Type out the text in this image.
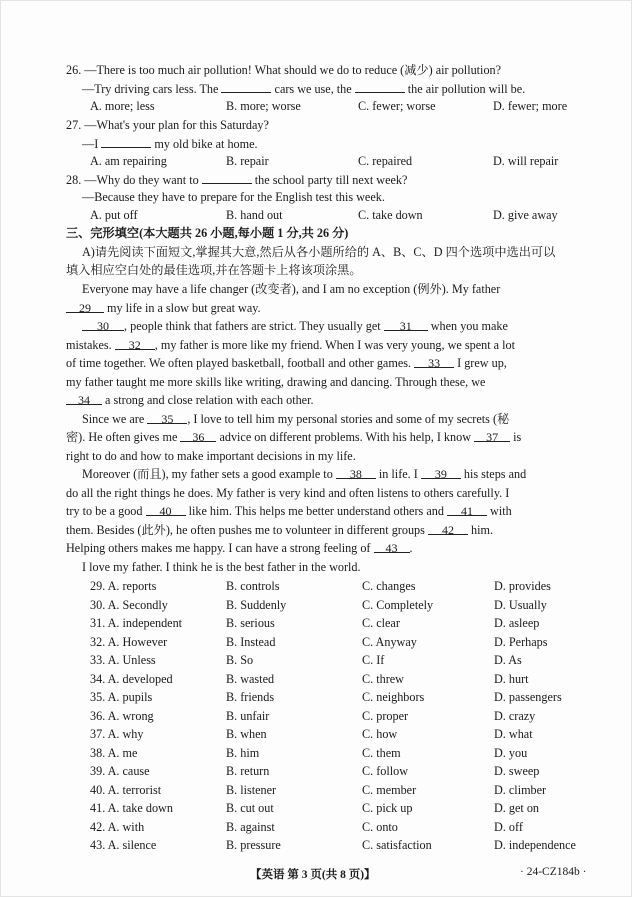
26. —There is too much air pollution! What should we do to reduce (减少) air pollution?
—Try driving cars less. The	cars we use, the	the air pollution will be.
A. more; less	B. more; worse	C. fewer; worse	D. fewer; more
27. —What's your plan for this Saturday?
—I	my old bike at home.
A. am repairing	B. repair	C. repaired	D. will repair
28. —Why do they want to	the school party till next week?
—Because they have to prepare for the English test this week.
A. put off	B. hand out	C. take down	D. give away
三、完形填空(本大题共 26 小题,每小题 1 分,共 26 分)
A)请先阅读下面短文,掌握其大意,然后从各小题所给的 A、B、C、D 四个选项中选出可以
填入相应空白处的最佳选项,并在答题卡上将该项涂黑。
Everyone may have a life changer (改变者), and I am no exception (例外). My father
29 my life in a slow but great way.
30 , people think that fathers are strict. They usually get 31 when you make
mistakes. 32 , my father is more like my friend. When I was very young, we spent a lot
of time together. We often played basketball, football and other games. 33 I grew up,
my father taught me more skills like writing, drawing and dancing. Through these, we
34 a strong and close relation with each other.
Since we are 35 , I love to tell him my personal stories and some of my secrets (秘
密). He often gives me 36 advice on different problems. With his help, I know 37 is
right to do and how to make important decisions in my life.
Moreover (而且), my father sets a good example to 38 in life. I 39 his steps and
do all the right things he does. My father is very kind and often listens to others carefully. I
try to be a good 40 like him. This helps me better understand others and 41 with
them. Besides (此外), he often pushes me to volunteer in different groups 42 him.
Helping others makes me happy. I can have a strong feeling of 43 .
I love my father. I think he is the best father in the world.
29. A. reports	B. controls	C. changes	D. provides
30. A. Secondly	B. Suddenly	C. Completely	D. Usually
31. A. independent	B. serious	C. clear	D. asleep
32. A. However	B. Instead	C. Anyway	D. Perhaps
33. A. Unless	B. So	C. If	D. As
34. A. developed	B. wasted	C. threw	D. hurt
35. A. pupils	B. friends	C. neighbors	D. passengers
36. A. wrong	B. unfair	C. proper	D. crazy
37. A. why	B. when	C. how	D. what
38. A. me	B. him	C. them	D. you
39. A. cause	B. return	C. follow	D. sweep
40. A. terrorist	B. listener	C. member	D. climber
41. A. take down	B. cut out	C. pick up	D. get on
42. A. with	B. against	C. onto	D. off
43. A. silence	B. pressure	C. satisfaction	D. independence
【英语 第 3 页(共 8 页)】	· 24-CZ184b ·
